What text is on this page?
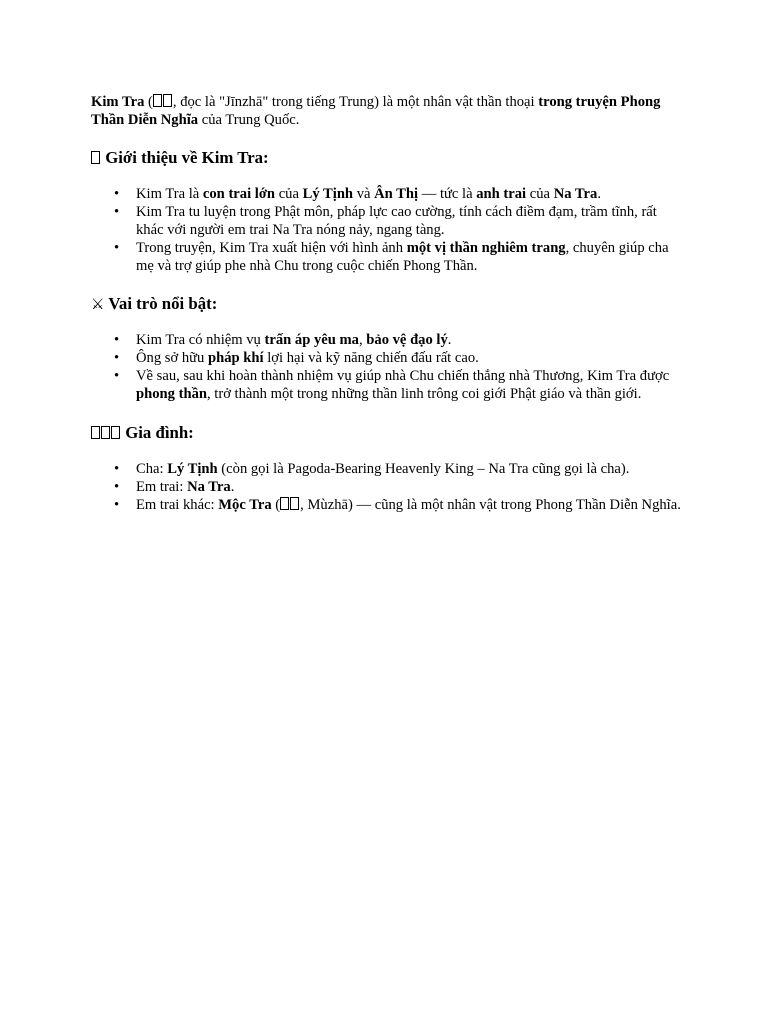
Kim Tra ( , đọc là "Jīnzhā" trong tiếng Trung) là một nhân vật thần thoại trong truyện Phong Thần Diễn Nghĩa của Trung Quốc.

Giới thiệu về Kim Tra:
• Kim Tra là con trai lớn của Lý Tịnh và Ân Thị — tức là anh trai của Na Tra.
• Kim Tra tu luyện trong Phật môn, pháp lực cao cường, tính cách điềm đạm, trầm tĩnh, rất khác với người em trai Na Tra nóng nảy, ngang tàng.
• Trong truyện, Kim Tra xuất hiện với hình ảnh một vị thần nghiêm trang, chuyên giúp cha mẹ và trợ giúp phe nhà Chu trong cuộc chiến Phong Thần.
⚔ Vai trò nổi bật:
• Kim Tra có nhiệm vụ trấn áp yêu ma, bảo vệ đạo lý.
• Ông sở hữu pháp khí lợi hại và kỹ năng chiến đấu rất cao.
• Về sau, sau khi hoàn thành nhiệm vụ giúp nhà Chu chiến thắng nhà Thương, Kim Tra được phong thần, trở thành một trong những thần linh trông coi giới Phật giáo và thần giới.
Gia đình:
• Cha: Lý Tịnh (còn gọi là Pagoda-Bearing Heavenly King – Na Tra cũng gọi là cha).
• Em trai: Na Tra.
• Em trai khác: Mộc Tra ( , Mùzhā) — cũng là một nhân vật trong Phong Thần Diễn Nghĩa.
